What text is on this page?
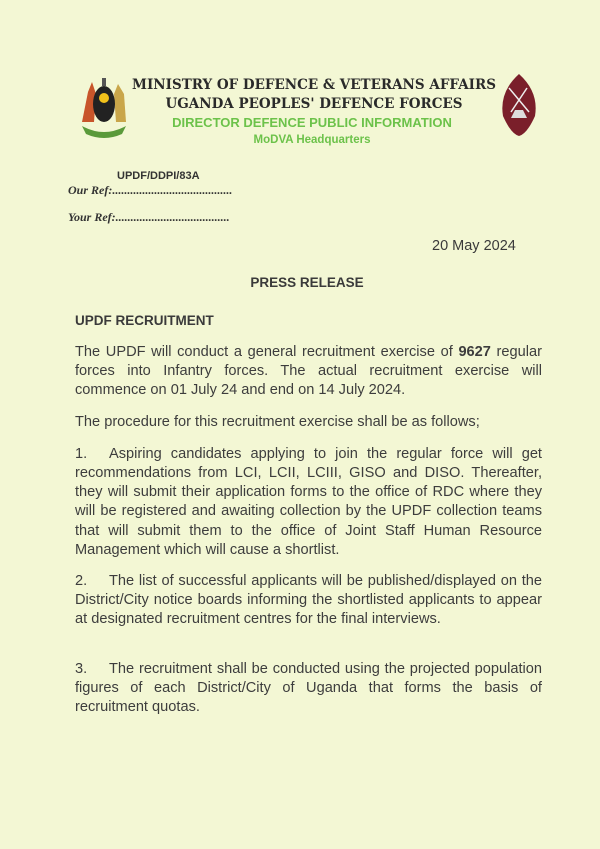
MINISTRY OF DEFENCE & VETERANS AFFAIRS
UGANDA PEOPLES' DEFENCE FORCES
DIRECTOR DEFENCE PUBLIC INFORMATION
MoDVA Headquarters
UPDF/DDPI/83A
Our Ref:........................................
Your Ref:......................................
20 May 2024
PRESS RELEASE
UPDF RECRUITMENT

The UPDF will conduct a general recruitment exercise of 9627 regular forces into Infantry forces. The actual recruitment exercise will commence on 01 July 24 and end on 14 July 2024.

The procedure for this recruitment exercise shall be as follows;

1. Aspiring candidates applying to join the regular force will get recommendations from LCI, LCII, LCIII, GISO and DISO. Thereafter, they will submit their application forms to the office of RDC where they will be registered and awaiting collection by the UPDF collection teams that will submit them to the office of Joint Staff Human Resource Management which will cause a shortlist.

2. The list of successful applicants will be published/displayed on the District/City notice boards informing the shortlisted applicants to appear at designated recruitment centres for the final interviews.

3. The recruitment shall be conducted using the projected population figures of each District/City of Uganda that forms the basis of recruitment quotas.
